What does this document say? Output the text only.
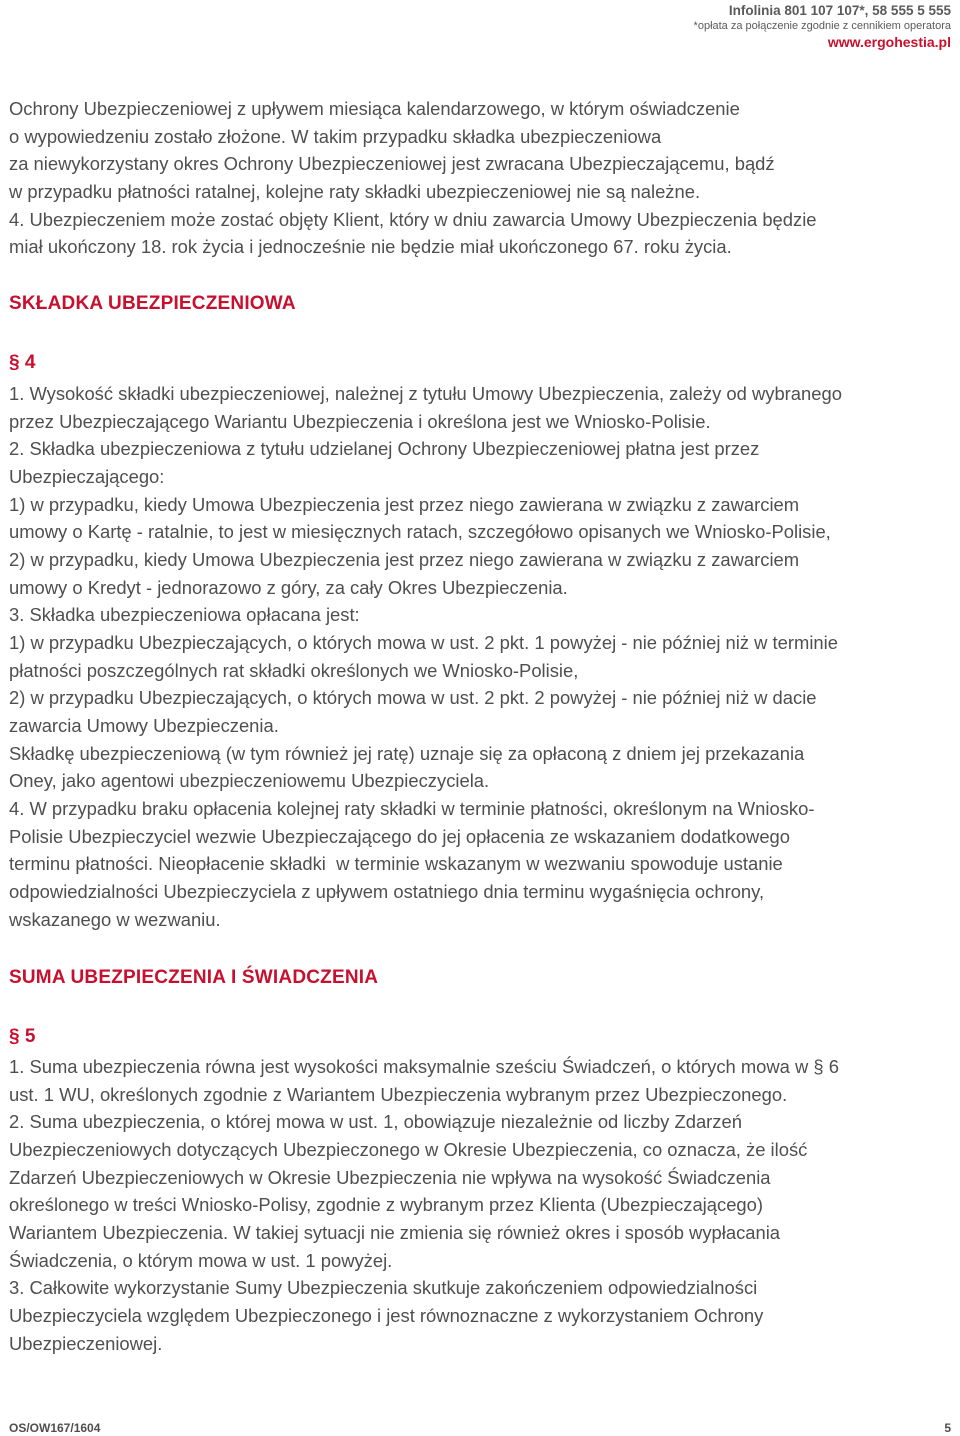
Infolinia 801 107 107*, 58 555 5 555
*opłata za połączenie zgodnie z cennikiem operatora
www.ergohestia.pl
Ochrony Ubezpieczeniowej z upływem miesiąca kalendarzowego, w którym oświadczenie
o wypowiedzeniu zostało złożone. W takim przypadku składka ubezpieczeniowa
za niewykorzystany okres Ochrony Ubezpieczeniowej jest zwracana Ubezpieczającemu, bądź
w przypadku płatności ratalnej, kolejne raty składki ubezpieczeniowej nie są należne.
4. Ubezpieczeniem może zostać objęty Klient, który w dniu zawarcia Umowy Ubezpieczenia będzie
miał ukończony 18. rok życia i jednocześnie nie będzie miał ukończonego 67. roku życia.
SKŁADKA UBEZPIECZENIOWA
§ 4
1. Wysokość składki ubezpieczeniowej, należnej z tytułu Umowy Ubezpieczenia, zależy od wybranego
przez Ubezpieczającego Wariantu Ubezpieczenia i określona jest we Wniosko-Polisie.
2. Składka ubezpieczeniowa z tytułu udzielanej Ochrony Ubezpieczeniowej płatna jest przez
Ubezpieczającego:
1) w przypadku, kiedy Umowa Ubezpieczenia jest przez niego zawierana w związku z zawarciem
umowy o Kartę - ratalnie, to jest w miesięcznych ratach, szczegółowo opisanych we Wniosko-Polisie,
2) w przypadku, kiedy Umowa Ubezpieczenia jest przez niego zawierana w związku z zawarciem
umowy o Kredyt - jednorazowo z góry, za cały Okres Ubezpieczenia.
3. Składka ubezpieczeniowa opłacana jest:
1) w przypadku Ubezpieczających, o których mowa w ust. 2 pkt. 1 powyżej - nie później niż w terminie
płatności poszczególnych rat składki określonych we Wniosko-Polisie,
2) w przypadku Ubezpieczających, o których mowa w ust. 2 pkt. 2 powyżej - nie później niż w dacie
zawarcia Umowy Ubezpieczenia.
Składkę ubezpieczeniową (w tym również jej ratę) uznaje się za opłaconą z dniem jej przekazania
Oney, jako agentowi ubezpieczeniowemu Ubezpieczyciela.
4. W przypadku braku opłacenia kolejnej raty składki w terminie płatności, określonym na Wniosko-
Polisie Ubezpieczyciel wezwie Ubezpieczającego do jej opłacenia ze wskazaniem dodatkowego
terminu płatności. Nieopłacenie składki  w terminie wskazanym w wezwaniu spowoduje ustanie
odpowiedzialności Ubezpieczyciela z upływem ostatniego dnia terminu wygaśnięcia ochrony,
wskazanego w wezwaniu.
SUMA UBEZPIECZENIA I ŚWIADCZENIA
§ 5
1. Suma ubezpieczenia równa jest wysokości maksymalnie sześciu Świadczeń, o których mowa w § 6
ust. 1 WU, określonych zgodnie z Wariantem Ubezpieczenia wybranym przez Ubezpieczonego.
2. Suma ubezpieczenia, o której mowa w ust. 1, obowiązuje niezależnie od liczby Zdarzeń
Ubezpieczeniowych dotyczących Ubezpieczonego w Okresie Ubezpieczenia, co oznacza, że ilość
Zdarzeń Ubezpieczeniowych w Okresie Ubezpieczenia nie wpływa na wysokość Świadczenia
określonego w treści Wniosko-Polisy, zgodnie z wybranym przez Klienta (Ubezpieczającego)
Wariantem Ubezpieczenia. W takiej sytuacji nie zmienia się również okres i sposób wypłacania
Świadczenia, o którym mowa w ust. 1 powyżej.
3. Całkowite wykorzystanie Sumy Ubezpieczenia skutkuje zakończeniem odpowiedzialności
Ubezpieczyciela względem Ubezpieczonego i jest równoznaczne z wykorzystaniem Ochrony
Ubezpieczeniowej.
OS/OW167/1604	5
